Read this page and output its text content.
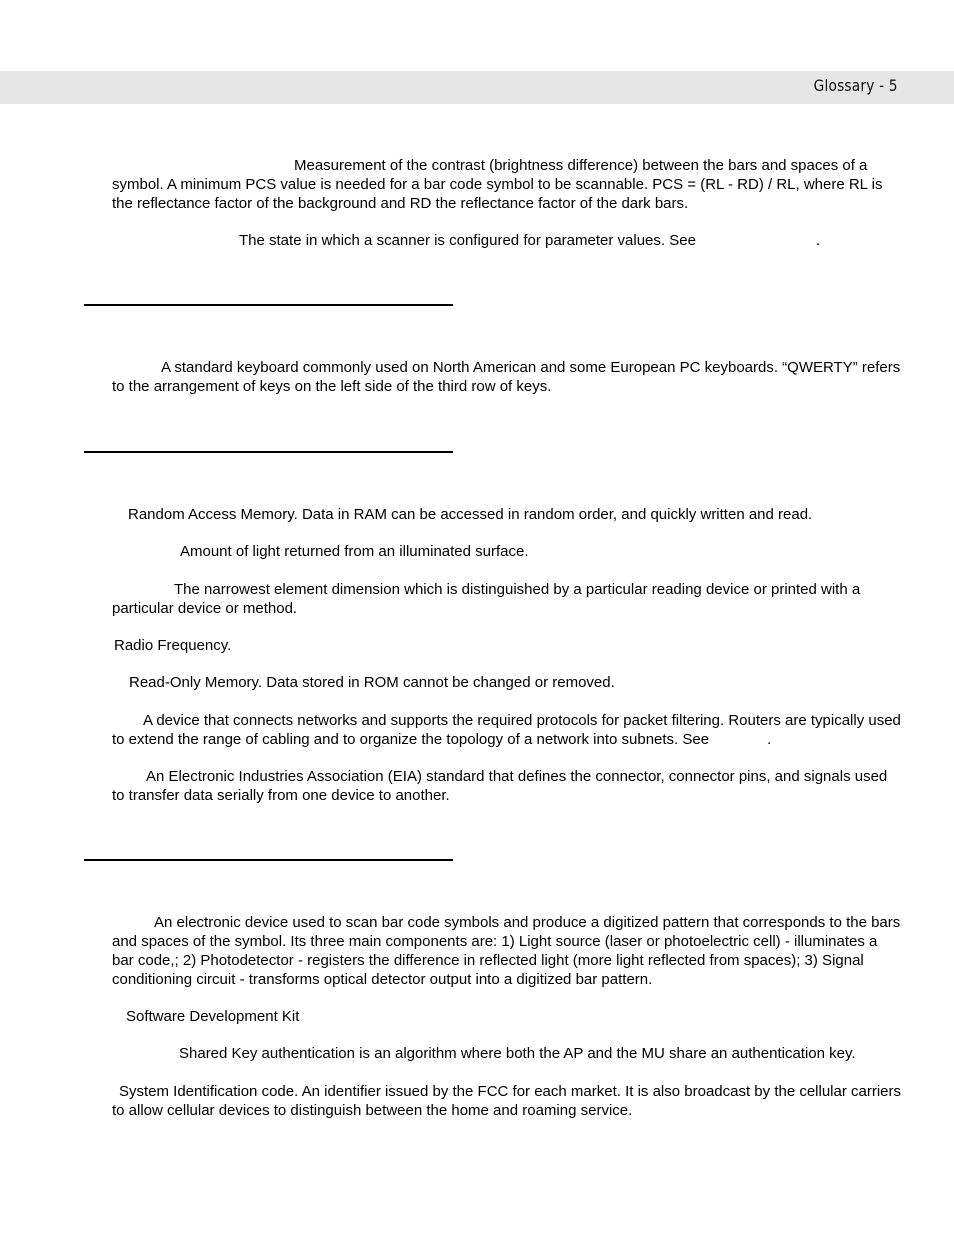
Glossary - 5

Measurement of the contrast (brightness difference) between the bars and spaces of a symbol. A minimum PCS value is needed for a bar code symbol to be scannable. PCS = (RL - RD) / RL, where RL is the reflectance factor of the background and RD the reflectance factor of the dark bars.

The state in which a scanner is configured for parameter values. See	.

A standard keyboard commonly used on North American and some European PC keyboards. “QWERTY” refers to the arrangement of keys on the left side of the third row of keys.

Random Access Memory. Data in RAM can be accessed in random order, and quickly written and read.

Amount of light returned from an illuminated surface.

The narrowest element dimension which is distinguished by a particular reading device or printed with a particular device or method.

Radio Frequency.

Read-Only Memory. Data stored in ROM cannot be changed or removed.

A device that connects networks and supports the required protocols for packet filtering. Routers are typically used to extend the range of cabling and to organize the topology of a network into subnets. See	.

An Electronic Industries Association (EIA) standard that defines the connector, connector pins, and signals used to transfer data serially from one device to another.

An electronic device used to scan bar code symbols and produce a digitized pattern that corresponds to the bars and spaces of the symbol. Its three main components are: 1) Light source (laser or photoelectric cell) - illuminates a bar code,; 2) Photodetector - registers the difference in reflected light (more light reflected from spaces); 3) Signal conditioning circuit - transforms optical detector output into a digitized bar pattern.

Software Development Kit

Shared Key authentication is an algorithm where both the AP and the MU share an authentication key.

System Identification code. An identifier issued by the FCC for each market. It is also broadcast by the cellular carriers to allow cellular devices to distinguish between the home and roaming service.
